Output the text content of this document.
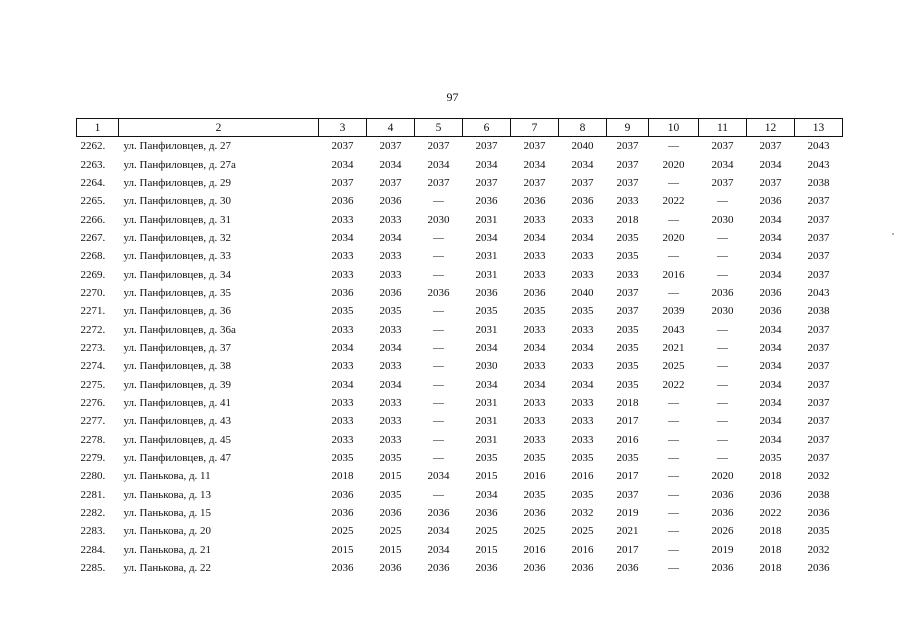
97
1	2	3	4	5	6	7	8	9	10	11	12	13
2262.	ул. Панфиловцев, д. 27	2037	2037	2037	2037	2037	2040	2037	—	2037	2037	2043
2263.	ул. Панфиловцев, д. 27а	2034	2034	2034	2034	2034	2034	2037	2020	2034	2034	2043
2264.	ул. Панфиловцев, д. 29	2037	2037	2037	2037	2037	2037	2037	—	2037	2037	2038
2265.	ул. Панфиловцев, д. 30	2036	2036	—	2036	2036	2036	2033	2022	—	2036	2037
2266.	ул. Панфиловцев, д. 31	2033	2033	2030	2031	2033	2033	2018	—	2030	2034	2037
2267.	ул. Панфиловцев, д. 32	2034	2034	—	2034	2034	2034	2035	2020	—	2034	2037
2268.	ул. Панфиловцев, д. 33	2033	2033	—	2031	2033	2033	2035	—	—	2034	2037
2269.	ул. Панфиловцев, д. 34	2033	2033	—	2031	2033	2033	2033	2016	—	2034	2037
2270.	ул. Панфиловцев, д. 35	2036	2036	2036	2036	2036	2040	2037	—	2036	2036	2043
2271.	ул. Панфиловцев, д. 36	2035	2035	—	2035	2035	2035	2037	2039	2030	2036	2038
2272.	ул. Панфиловцев, д. 36а	2033	2033	—	2031	2033	2033	2035	2043	—	2034	2037
2273.	ул. Панфиловцев, д. 37	2034	2034	—	2034	2034	2034	2035	2021	—	2034	2037
2274.	ул. Панфиловцев, д. 38	2033	2033	—	2030	2033	2033	2035	2025	—	2034	2037
2275.	ул. Панфиловцев, д. 39	2034	2034	—	2034	2034	2034	2035	2022	—	2034	2037
2276.	ул. Панфиловцев, д. 41	2033	2033	—	2031	2033	2033	2018	—	—	2034	2037
2277.	ул. Панфиловцев, д. 43	2033	2033	—	2031	2033	2033	2017	—	—	2034	2037
2278.	ул. Панфиловцев, д. 45	2033	2033	—	2031	2033	2033	2016	—	—	2034	2037
2279.	ул. Панфиловцев, д. 47	2035	2035	—	2035	2035	2035	2035	—	—	2035	2037
2280.	ул. Панькова, д. 11	2018	2015	2034	2015	2016	2016	2017	—	2020	2018	2032
2281.	ул. Панькова, д. 13	2036	2035	—	2034	2035	2035	2037	—	2036	2036	2038
2282.	ул. Панькова, д. 15	2036	2036	2036	2036	2036	2032	2019	—	2036	2022	2036
2283.	ул. Панькова, д. 20	2025	2025	2034	2025	2025	2025	2021	—	2026	2018	2035
2284.	ул. Панькова, д. 21	2015	2015	2034	2015	2016	2016	2017	—	2019	2018	2032
2285.	ул. Панькова, д. 22	2036	2036	2036	2036	2036	2036	2036	—	2036	2018	2036
